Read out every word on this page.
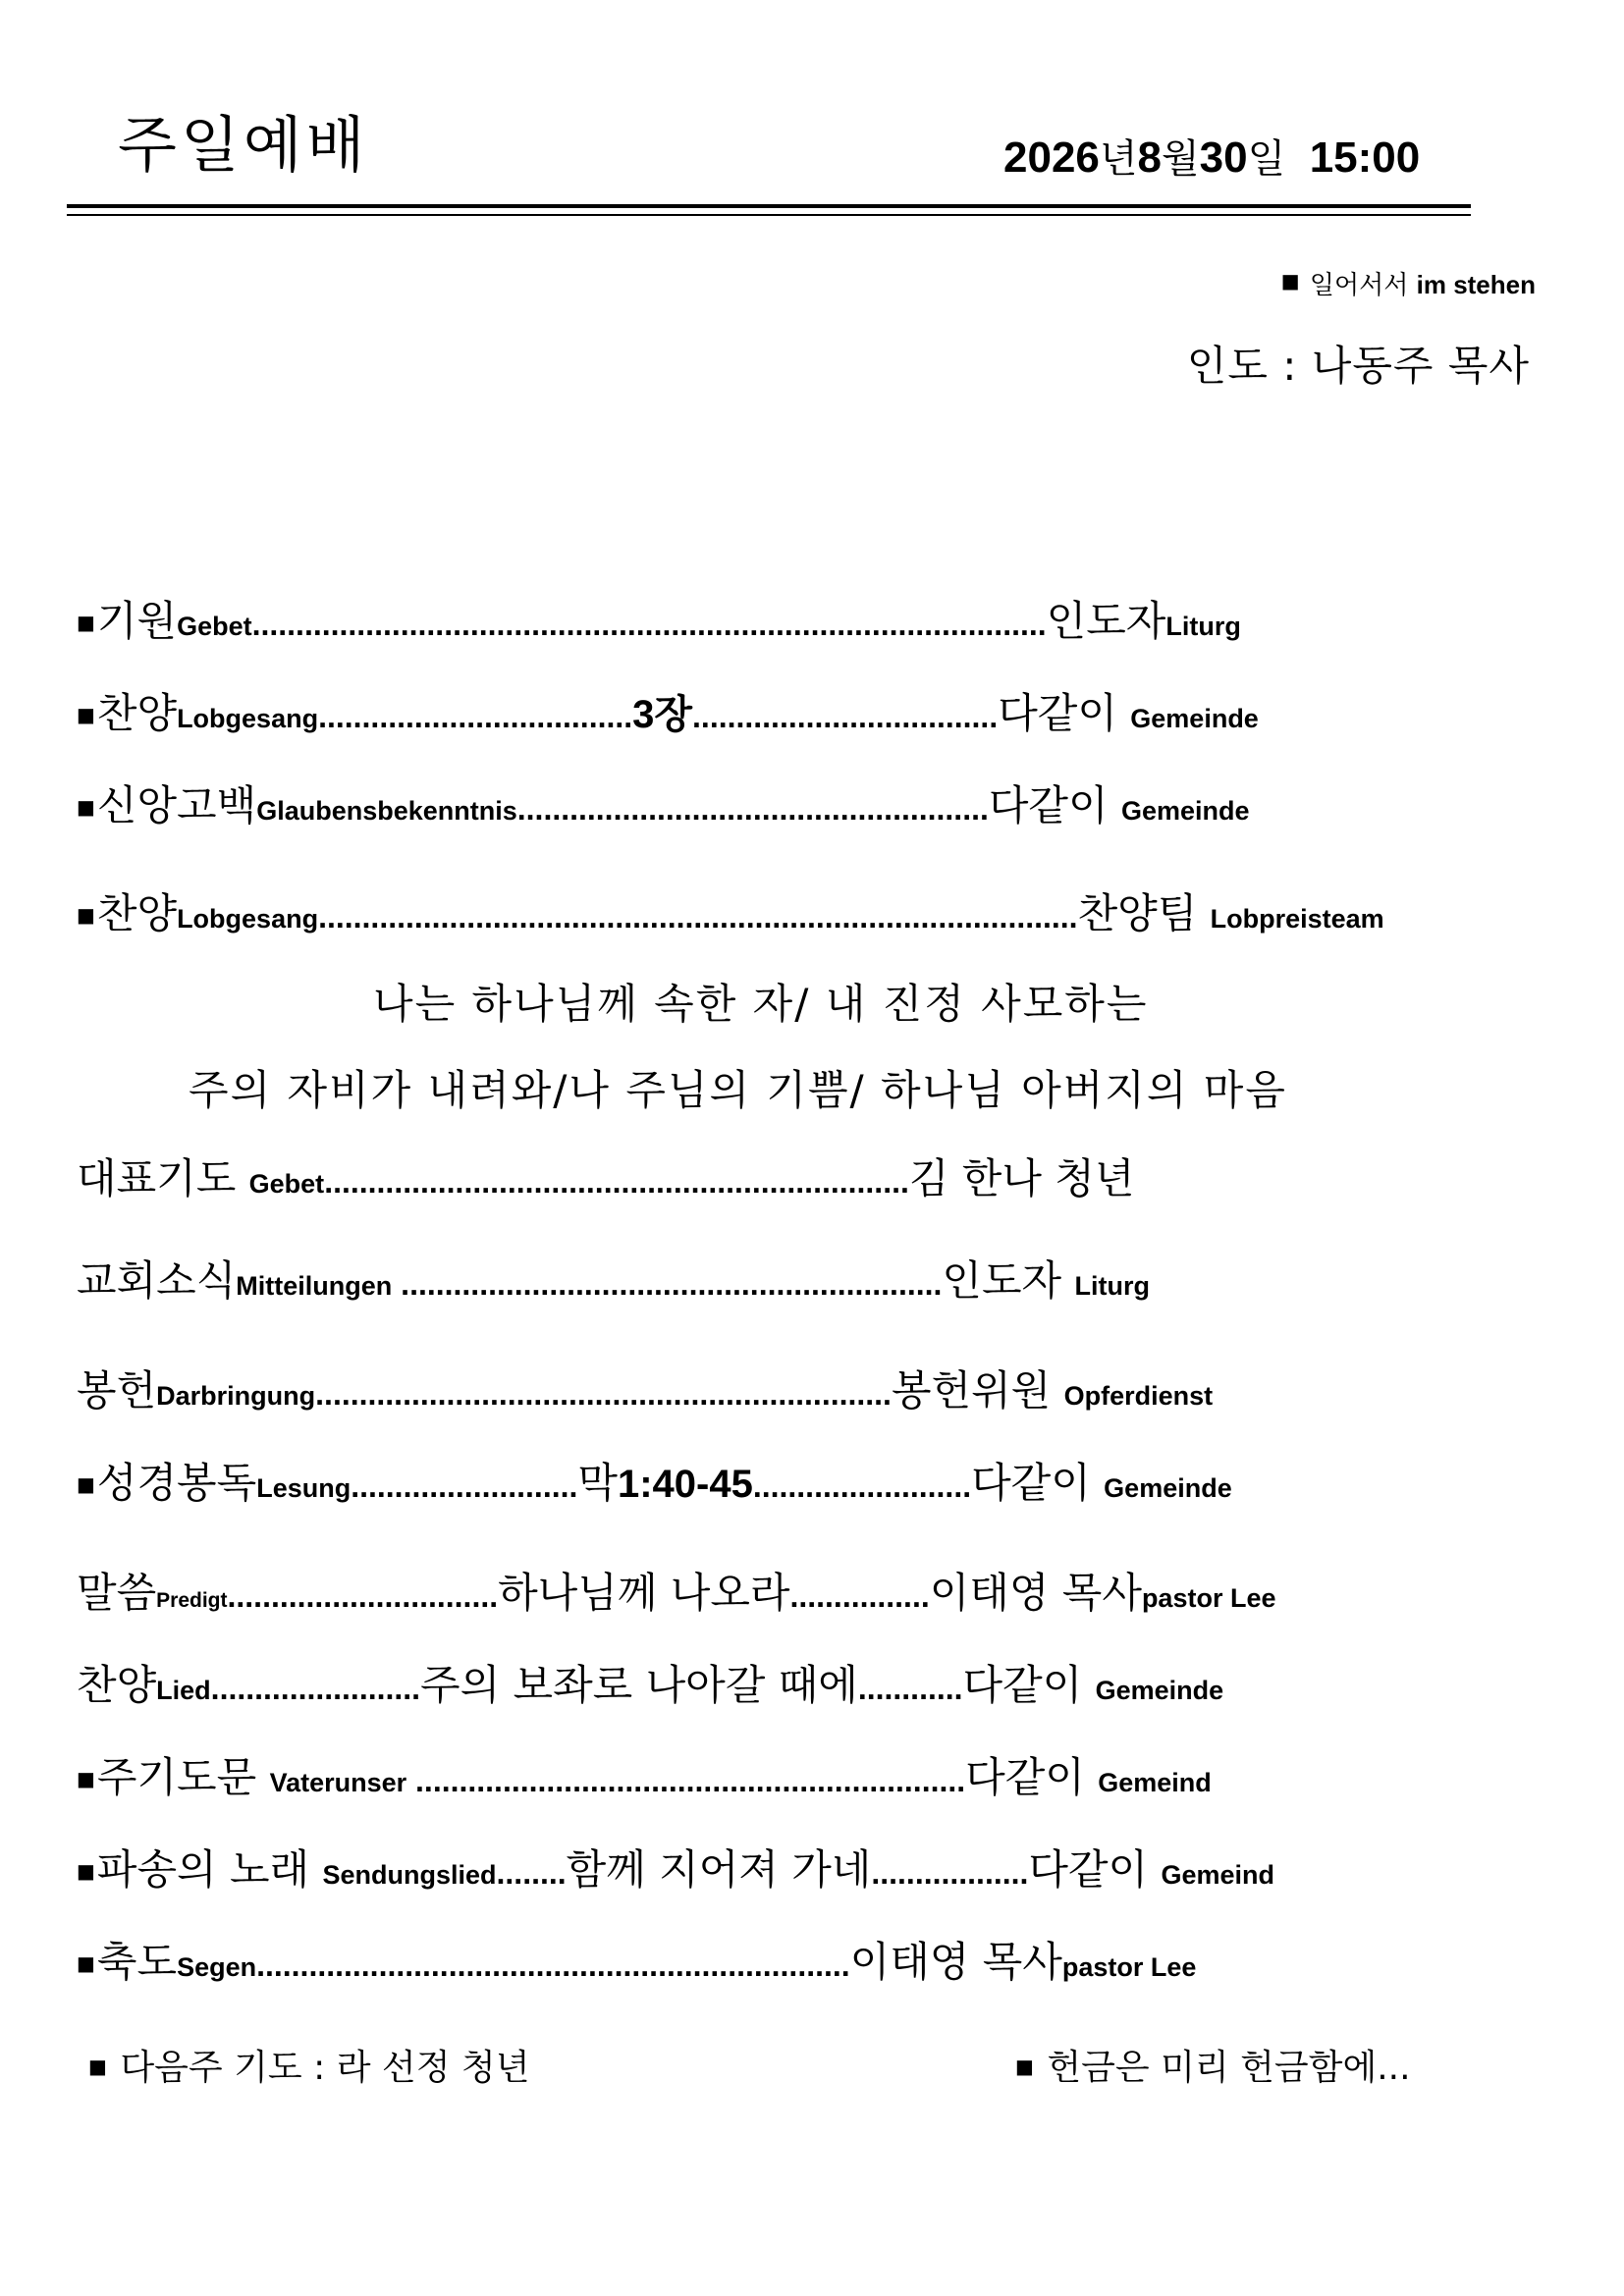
주일예배	2026년8월30일 15:00
■ 일어서서 im stehen
인도 : 나동주 목사
■기원Gebet...........................................................................................인도자Liturg
■찬양Lobgesang....................................3장...................................다같이 Gemeinde
■신앙고백Glaubensbekenntnis......................................................다같이 Gemeinde
■찬양Lobgesang.......................................................................................찬양팀 Lobpreisteam
나는 하나님께 속한 자/ 내 진정 사모하는
주의 자비가 내려와/나 주님의 기쁨/ 하나님 아버지의 마음
대표기도 Gebet...................................................................김 한나 청년
교회소식Mitteilungen ..............................................................인도자 Liturg
봉헌Darbringung..................................................................봉헌위원 Opferdienst
■성경봉독Lesung..........................막1:40-45.........................다같이 Gemeinde
말씀Predigt...............................하나님께 나오라................이태영 목사pastor Lee
찬양Lied........................주의 보좌로 나아갈 때에............다같이 Gemeinde
■주기도문 Vaterunser ...............................................................다같이 Gemeind
■파송의 노래 Sendungslied........함께 지어져 가네..................다같이 Gemeind
■축도Segen....................................................................이태영 목사pastor Lee
■ 다음주 기도 : 라 선정 청년	■ 헌금은 미리 헌금함에...
